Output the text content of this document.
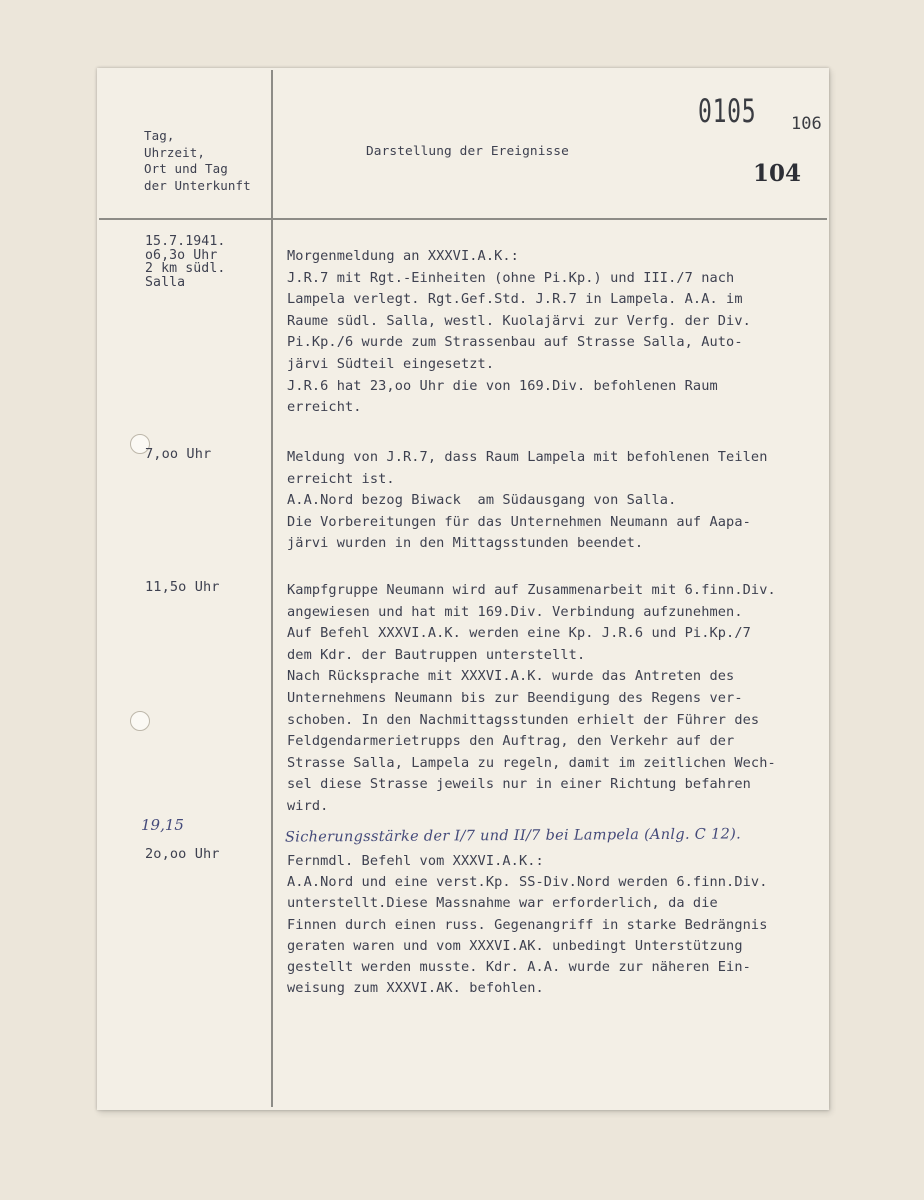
Tag,
Uhrzeit,
Ort und Tag
der Unterkunft
Darstellung der Ereignisse
0105 106
104
15.7.1941.
o6,3o Uhr
2 km südl.
Salla
Morgenmeldung an XXXVI.A.K.:
J.R.7 mit Rgt.-Einheiten (ohne Pi.Kp.) und III./7 nach
Lampela verlegt. Rgt.Gef.Std. J.R.7 in Lampela. A.A. im
Raume südl. Salla, westl. Kuolajärvi zur Verfg. der Div.
Pi.Kp./6 wurde zum Strassenbau auf Strasse Salla, Auto-
järvi Südteil eingesetzt.
J.R.6 hat 23,oo Uhr die von 169.Div. befohlenen Raum
erreicht.
7,oo Uhr	Meldung von J.R.7, dass Raum Lampela mit befohlenen Teilen
erreicht ist.
A.A.Nord bezog Biwack  am Südausgang von Salla.
Die Vorbereitungen für das Unternehmen Neumann auf Aapa-
järvi wurden in den Mittagsstunden beendet.
11,5o Uhr	Kampfgruppe Neumann wird auf Zusammenarbeit mit 6.finn.Div.
angewiesen und hat mit 169.Div. Verbindung aufzunehmen.
Auf Befehl XXXVI.A.K. werden eine Kp. J.R.6 und Pi.Kp./7
dem Kdr. der Bautruppen unterstellt.
Nach Rücksprache mit XXXVI.A.K. wurde das Antreten des
Unternehmens Neumann bis zur Beendigung des Regens ver-
schoben. In den Nachmittagsstunden erhielt der Führer des
Feldgendarmerietrupps den Auftrag, den Verkehr auf der
Strasse Salla, Lampela zu regeln, damit im zeitlichen Wech-
sel diese Strasse jeweils nur in einer Richtung befahren
wird.
19,15
2o,oo Uhr
Sicherungsstärke der I/7 und II/7 bei Lampela (Anlg. C 12).
Fernmdl. Befehl vom XXXVI.A.K.:
A.A.Nord und eine verst.Kp. SS-Div.Nord werden 6.finn.Div.
unterstellt.Diese Massnahme war erforderlich, da die
Finnen durch einen russ. Gegenangriff in starke Bedrängnis
geraten waren und vom XXXVI.AK. unbedingt Unterstützung
gestellt werden musste. Kdr. A.A. wurde zur näheren Ein-
weisung zum XXXVI.AK. befohlen.
